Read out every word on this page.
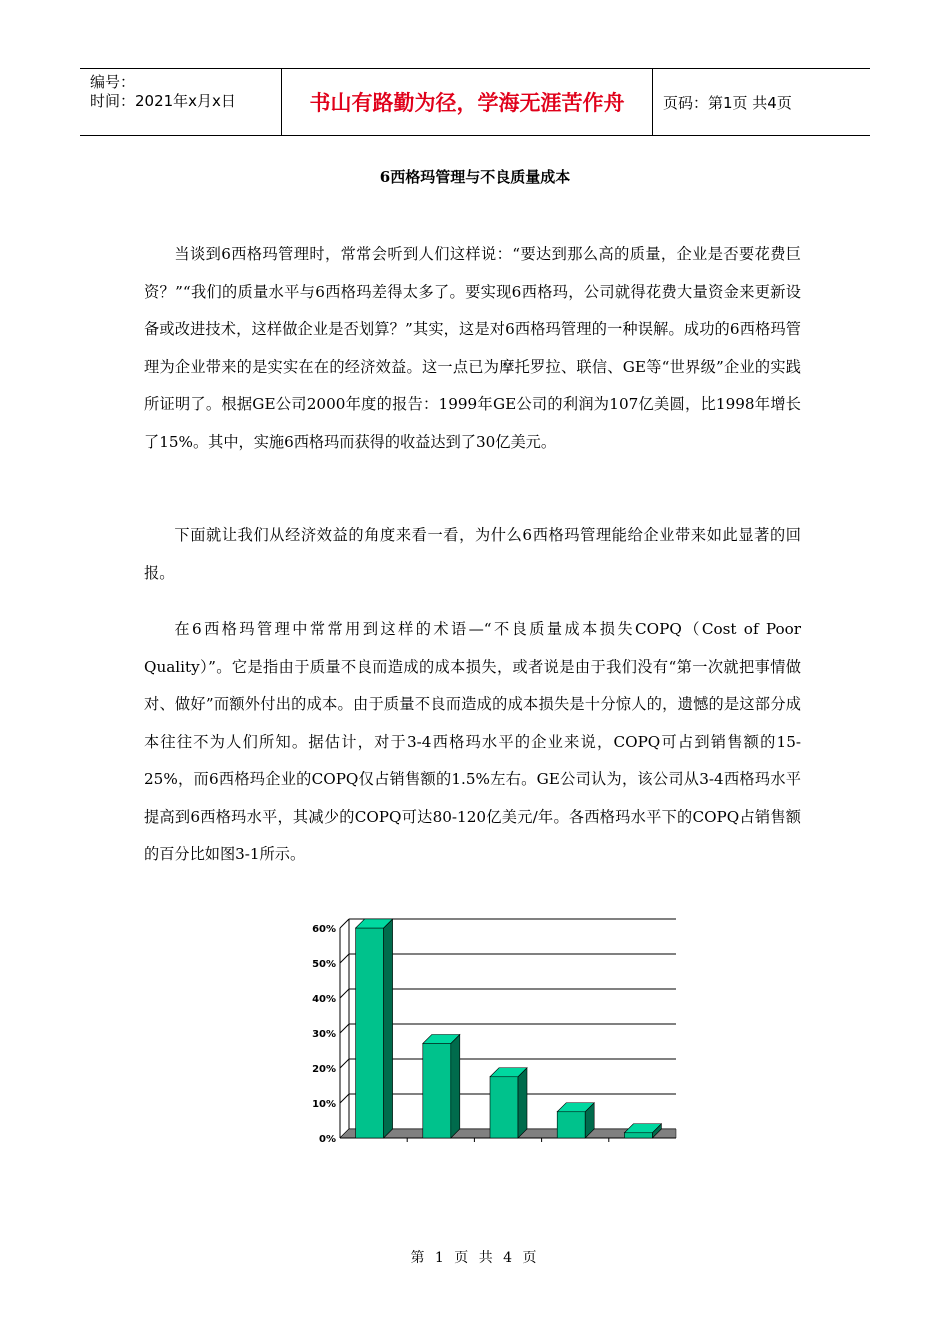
编号：
时间：2021年x月x日	书山有路勤为径，学海无涯苦作舟	页码：第1页 共4页
6西格玛管理与不良质量成本

当谈到6西格玛管理时，常常会听到人们这样说：“要达到那么高的质量，企业是否要花费巨资？”“我们的质量水平与6西格玛差得太多了。要实现6西格玛，公司就得花费大量资金来更新设备或改进技术，这样做企业是否划算？”其实，这是对6西格玛管理的一种误解。成功的6西格玛管理为企业带来的是实实在在的经济效益。这一点已为摩托罗拉、联信、GE等“世界级”企业的实践所证明了。根据GE公司2000年度的报告：1999年GE公司的利润为107亿美圆，比1998年增长了15%。其中，实施6西格玛而获得的收益达到了30亿美元。

下面就让我们从经济效益的角度来看一看，为什么6西格玛管理能给企业带来如此显著的回报。

在6西格玛管理中常常用到这样的术语—“不良质量成本损失COPQ（Cost of Poor Quality）”。它是指由于质量不良而造成的成本损失，或者说是由于我们没有“第一次就把事情做对、做好”而额外付出的成本。由于质量不良而造成的成本损失是十分惊人的，遗憾的是这部分成本往往不为人们所知。据估计，对于3-4西格玛水平的企业来说，COPQ可占到销售额的15-25%，而6西格玛企业的COPQ仅占销售额的1.5%左右。GE公司认为，该公司从3-4西格玛水平提高到6西格玛水平，其减少的COPQ可达80-120亿美元/年。各西格玛水平下的COPQ占销售额的百分比如图3-1所示。

60%
50%
40%
30%
20%
10%
0%
第 1 页 共 4 页
